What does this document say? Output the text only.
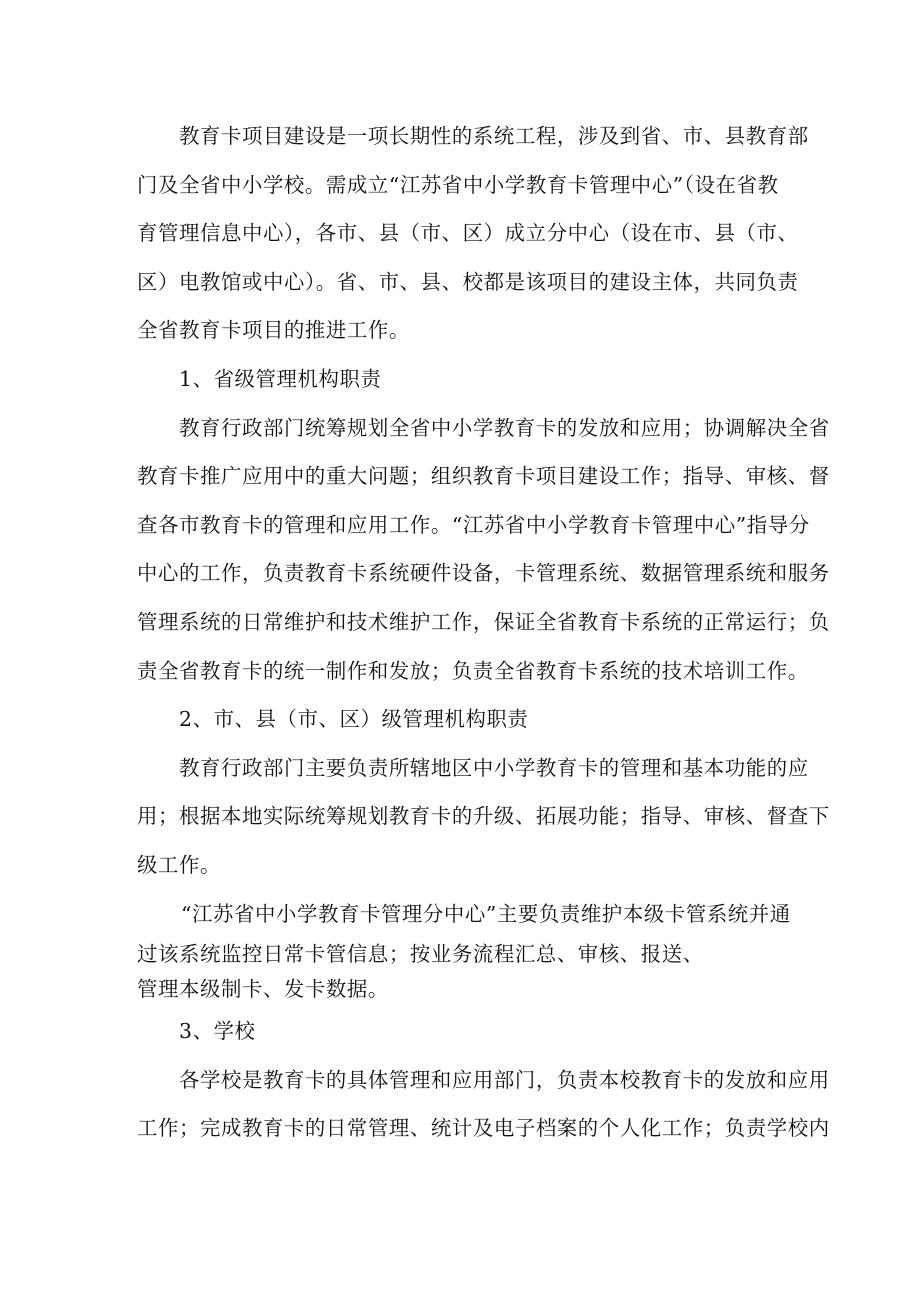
教育卡项目建设是一项长期性的系统工程，涉及到省、市、县教育部
门及全省中小学校。需成立“江苏省中小学教育卡管理中心”（设在省教
育管理信息中心），各市、县（市、区）成立分中心（设在市、县（市、
区）电教馆或中心）。省、市、县、校都是该项目的建设主体，共同负责
全省教育卡项目的推进工作。
1、省级管理机构职责
教育行政部门统筹规划全省中小学教育卡的发放和应用；协调解决全省
教育卡推广应用中的重大问题；组织教育卡项目建设工作；指导、审核、督
查各市教育卡的管理和应用工作。“江苏省中小学教育卡管理中心”指导分
中心的工作，负责教育卡系统硬件设备，卡管理系统、数据管理系统和服务
管理系统的日常维护和技术维护工作，保证全省教育卡系统的正常运行；负
责全省教育卡的统一制作和发放；负责全省教育卡系统的技术培训工作。
2、市、县（市、区）级管理机构职责
教育行政部门主要负责所辖地区中小学教育卡的管理和基本功能的应
用；根据本地实际统筹规划教育卡的升级、拓展功能；指导、审核、督查下
级工作。
“江苏省中小学教育卡管理分中心”主要负责维护本级卡管系统并通
过该系统监控日常卡管信息；按业务流程汇总、审核、报送、
管理本级制卡、发卡数据。
3、学校
各学校是教育卡的具体管理和应用部门，负责本校教育卡的发放和应用
工作；完成教育卡的日常管理、统计及电子档案的个人化工作；负责学校内
